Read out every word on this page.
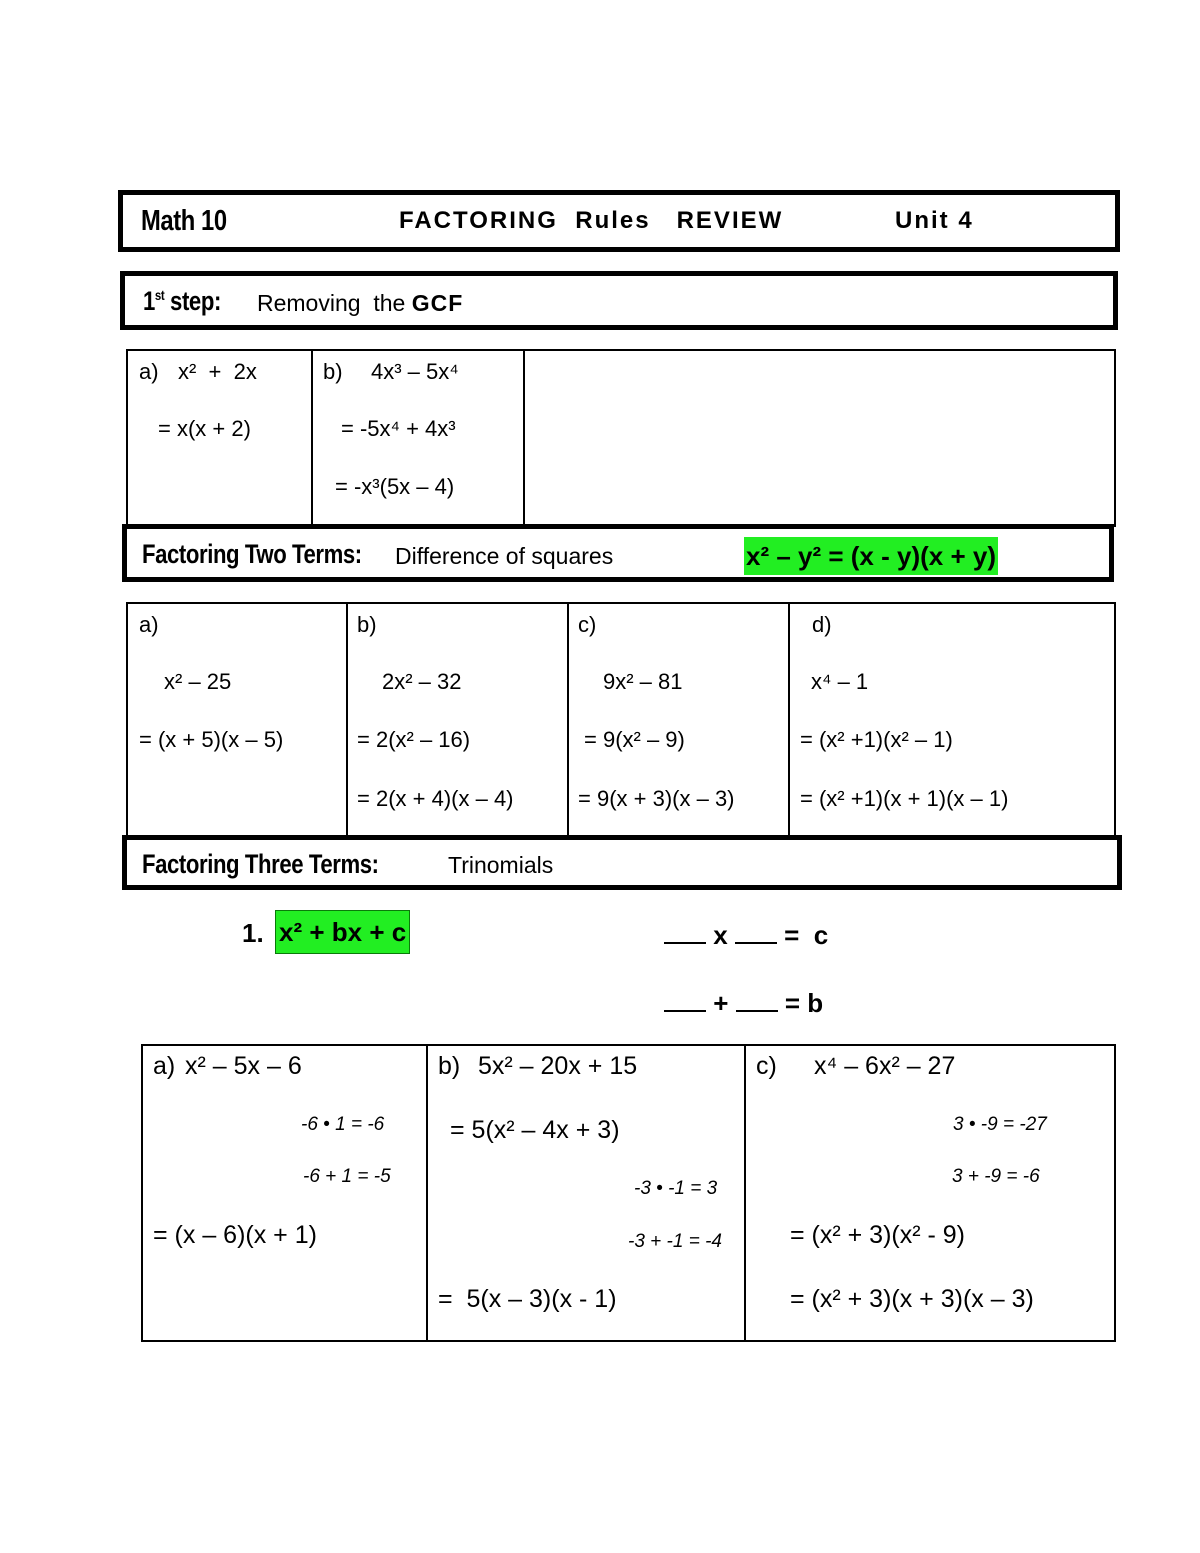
Math 10	FACTORING  Rules   REVIEW	Unit 4
1st step: Removing  the GCF
a) x²  +  2x
= x(x + 2)
b) 4x³ – 5x⁴
= -5x⁴ + 4x³
= -x³(5x – 4)
Factoring Two Terms: Difference of squares	x² – y² = (x - y)(x + y)
a)
x² – 25
= (x + 5)(x – 5)
b)
2x² – 32
= 2(x² – 16)
= 2(x + 4)(x – 4)
c)
9x² – 81
= 9(x² – 9)
= 9(x + 3)(x – 3)
d)
x⁴ – 1
= (x² +1)(x² – 1)
= (x² +1)(x + 1)(x – 1)
Factoring Three Terms:	Trinomials
1. x² + bx + c	x =  c
+ = b
a) x² – 5x – 6
-6 • 1 = -6
-6 + 1 = -5
= (x – 6)(x + 1)
b) 5x² – 20x + 15
= 5(x² – 4x + 3)
-3 • -1 = 3
-3 + -1 = -4
=  5(x – 3)(x - 1)
c) x⁴ – 6x² – 27
3 • -9 = -27
3 + -9 = -6
= (x² + 3)(x² - 9)
= (x² + 3)(x + 3)(x – 3)
